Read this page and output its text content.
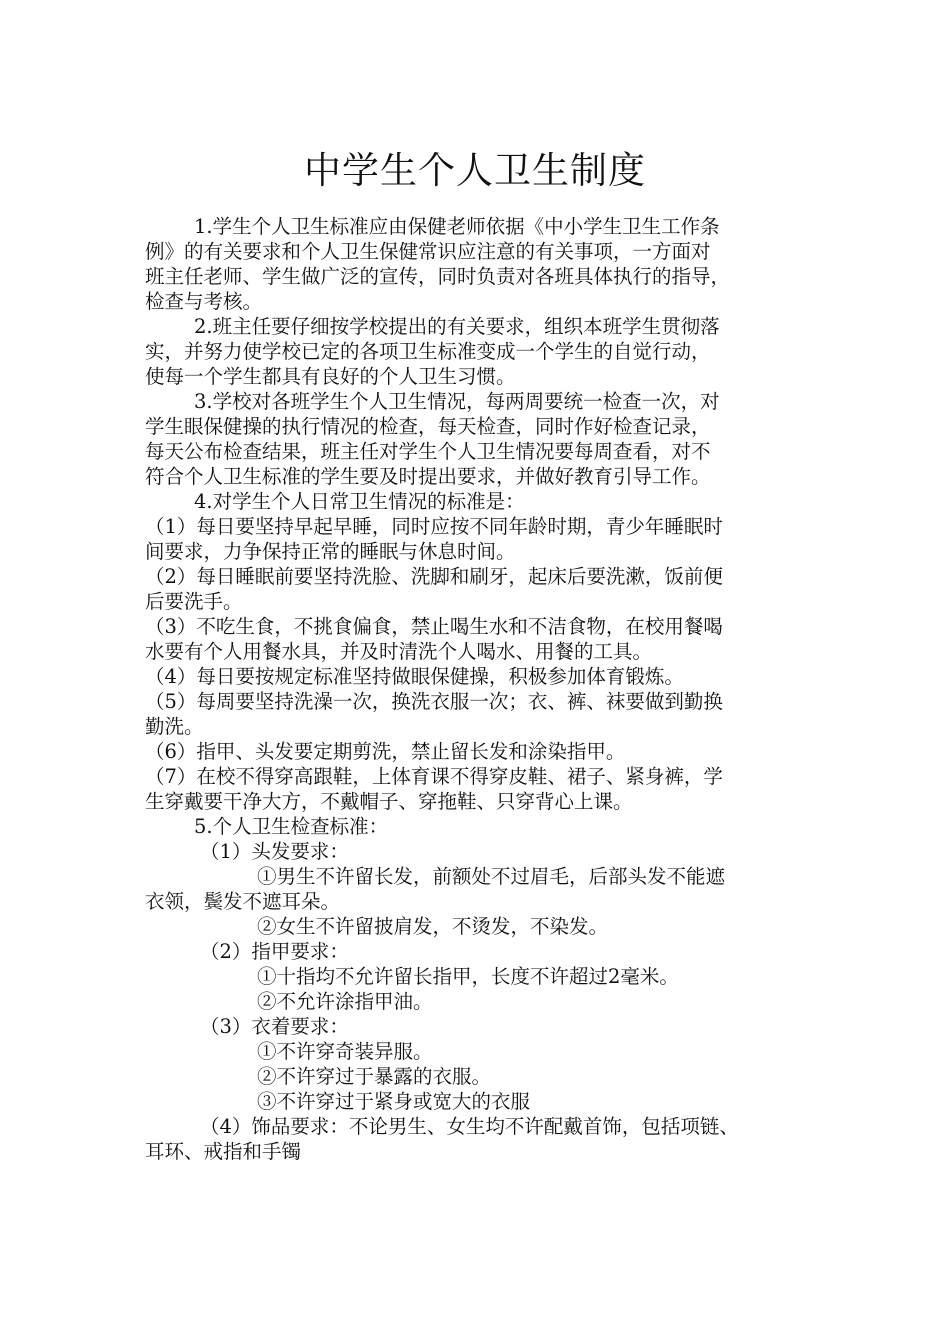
中学生个人卫生制度
1.学生个人卫生标准应由保健老师依据《中小学生卫生工作条
例》的有关要求和个人卫生保健常识应注意的有关事项，一方面对
班主任老师、学生做广泛的宣传，同时负责对各班具体执行的指导，
检查与考核。
2.班主任要仔细按学校提出的有关要求，组织本班学生贯彻落
实，并努力使学校已定的各项卫生标准变成一个学生的自觉行动，
使每一个学生都具有良好的个人卫生习惯。
3.学校对各班学生个人卫生情况，每两周要统一检查一次，对
学生眼保健操的执行情况的检查，每天检查，同时作好检查记录，
每天公布检查结果，班主任对学生个人卫生情况要每周查看，对不
符合个人卫生标准的学生要及时提出要求，并做好教育引导工作。
4.对学生个人日常卫生情况的标准是：
（1）每日要坚持早起早睡，同时应按不同年龄时期，青少年睡眠时
间要求，力争保持正常的睡眠与休息时间。
（2）每日睡眠前要坚持洗脸、洗脚和刷牙，起床后要洗漱，饭前便
后要洗手。
（3）不吃生食，不挑食偏食，禁止喝生水和不洁食物，在校用餐喝
水要有个人用餐水具，并及时清洗个人喝水、用餐的工具。
（4）每日要按规定标准坚持做眼保健操，积极参加体育锻炼。
（5）每周要坚持洗澡一次，换洗衣服一次；衣、裤、袜要做到勤换
勤洗。
（6）指甲、头发要定期剪洗，禁止留长发和涂染指甲。
（7）在校不得穿高跟鞋，上体育课不得穿皮鞋、裙子、紧身裤，学
生穿戴要干净大方，不戴帽子、穿拖鞋、只穿背心上课。
5.个人卫生检查标准：
（1）头发要求：
①男生不许留长发，前额处不过眉毛，后部头发不能遮
衣领，鬓发不遮耳朵。
②女生不许留披肩发，不烫发，不染发。
（2）指甲要求：
①十指均不允许留长指甲，长度不许超过2毫米。
②不允许涂指甲油。
（3）衣着要求：
①不许穿奇装异服。
②不许穿过于暴露的衣服。
③不许穿过于紧身或宽大的衣服
（4）饰品要求：不论男生、女生均不许配戴首饰，包括项链、
耳环、戒指和手镯
